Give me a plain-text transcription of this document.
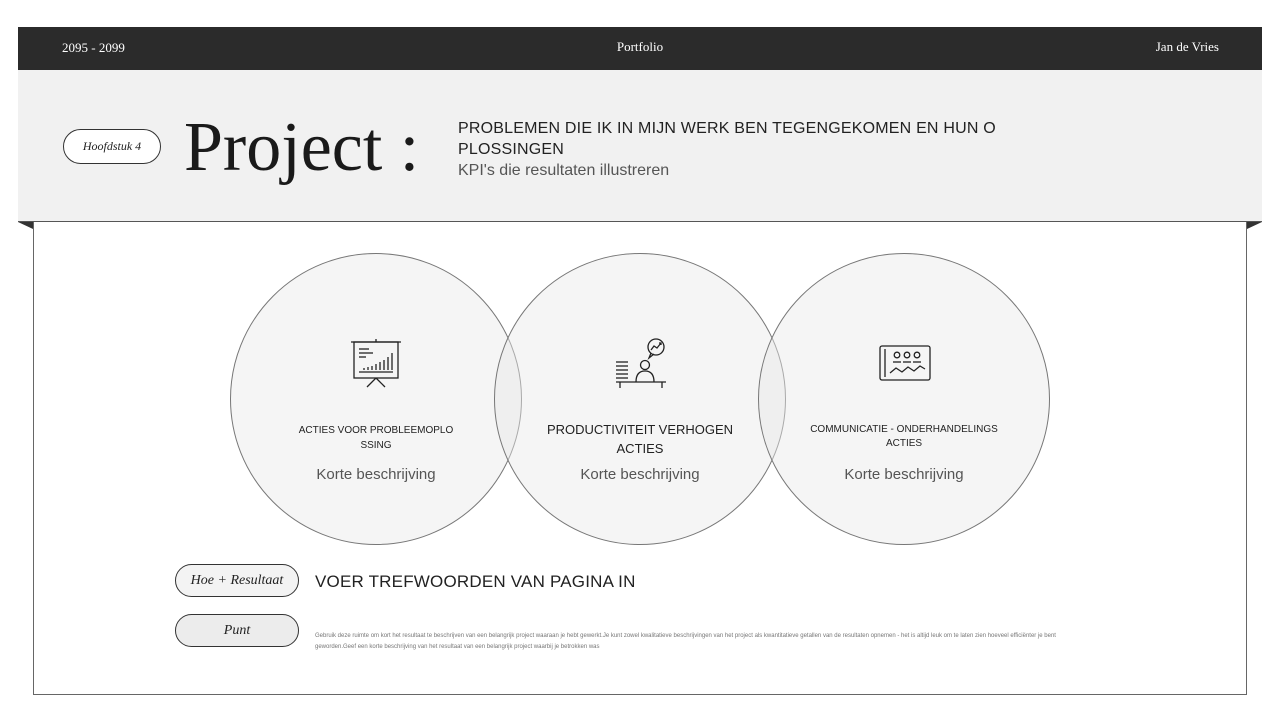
2095 - 2099	Portfolio	Jan de Vries
Hoofdstuk 4 Project : PROBLEMEN DIE IK IN MIJN WERK BEN TEGENGEKOMEN EN HUN OPLOSSINGEN
KPI's die resultaten illustreren
ACTIES VOOR PROBLEEMOPLOSSING
PRODUCTIVITEIT VERHOGEN ACTIES
COMMUNICATIE - ONDERHANDELINGSACTIES
Korte beschrijving	Korte beschrijving	Korte beschrijving
Hoe + Resultaat	VOER TREFWOORDEN VAN PAGINA IN
Punt	Gebruik deze ruimte om kort het resultaat te beschrijven van een belangrijk project waaraan je hebt gewerkt.Je kunt zowel kwalitatieve beschrijvingen van het project als kwantitatieve getallen van de resultaten opnemen - het is altijd leuk om te laten zien hoeveel efficiënter je bent geworden.Geef een korte beschrijving van het resultaat van een belangrijk project waarbij je betrokken was
